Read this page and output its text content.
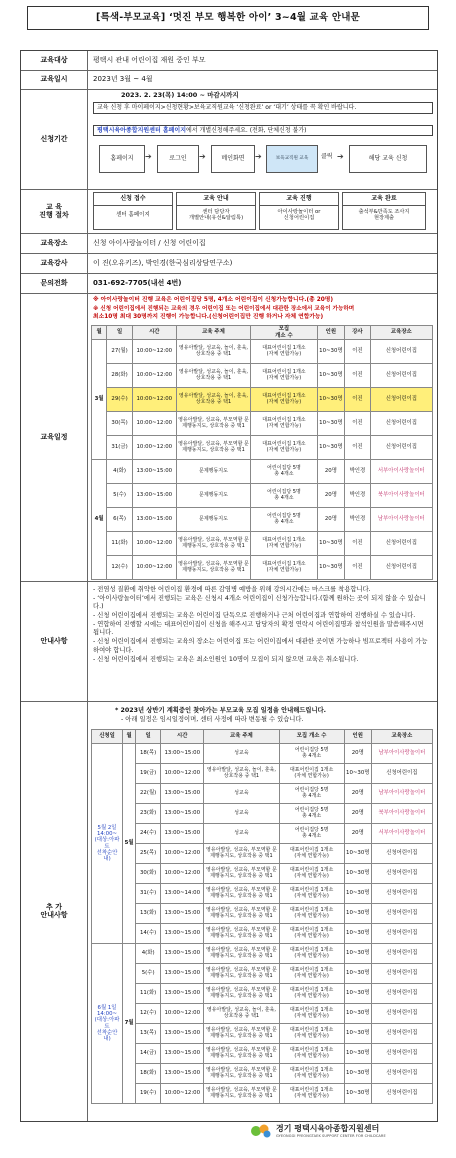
[특색-부모교육] ‘멋진 부모 행복한 아이’ 3~4월 교육 안내문
교육대상	평택시 관내 어린이집 재원 중인 부모
교육일시	2023년 3월 ~ 4월
신청기간
2023. 2. 23(목) 14:00 ~ 마감시까지
교육 신청 후 마이페이지>신청현황>보육교직원교육 ‘신청완료’ or ‘대기’ 상태를 꼭 확인 바랍니다.
평택시육아종합지원센터 홈페이지에서 개별신청해주세요. (전화, 단체신청 불가)
홈페이지	➔	로그인	➔	메인화면	➔	보육교직원 교육	클릭 ➔	해당 교육 신청
교 육
진행 절차
신청 접수
센터 홈페이지
교육 안내
센터 담당자
개별안내(유선&알림톡)
교육 진행
아이사랑놀이터 or
신청어린이집
교육 완료
출석부&만족도 조사지
현장제출
교육장소	신청 아이사랑놀이터 / 신청 어린이집
교육강사	이 진(오유키즈), 박인경(한국심리상담연구소)
문의전화	031-692-7705(내선 4번)
교육일정
※ 아이사랑놀이터 진행 교육은 어린이집당 5명, 4개소 어린이집이 신청가능합니다.(총 20명)
※ 신청 어린이집에서 진행되는 교육의 경우 어린이집 또는 어린이집에서 대관한 장소에서 교육이 가능하며
최소10명 최대 30명까지 진행이 가능합니다.(신청어린이집만 진행 하거나 자체 연합가능)
월	일	시간	교육 주제	모집
개소 수	인원	강사	교육장소
3월	27(월)	10:00~12:00	영유아발달, 성교육, 놀이, 훈육, 상호작용 중 택1	대표어린이집 1개소
(자체 연합가능)	10~30명	이진	신청어린이집
	28(화)	10:00~12:00	영유아발달, 성교육, 놀이, 훈육, 상호작용 중 택1	대표어린이집 1개소
(자체 연합가능)	10~30명	이진	신청어린이집
	29(수)	10:00~12:00	영유아발달, 성교육, 놀이, 훈육, 상호작용 중 택1	대표어린이집 1개소
(자체 연합가능)	10~30명	이진	신청어린이집
	30(목)	10:00~12:00	영유아발달, 성교육, 부모역할 문제행동지도, 상호작용 중 택1	대표어린이집 1개소
(자체 연합가능)	10~30명	이진	신청어린이집
	31(금)	10:00~12:00	영유아발달, 성교육, 부모역할 문제행동지도, 상호작용 중 택1	대표어린이집 1개소
(자체 연합가능)	10~30명	이진	신청어린이집
4월	4(화)	13:00~15:00	문제행동지도	어린이집당 5명
총 4개소	20명	박인경	서부아이사랑놀이터
	5(수)	13:00~15:00	문제행동지도	어린이집당 5명
총 4개소	20명	박인경	북부아이사랑놀이터
	6(목)	13:00~15:00	문제행동지도	어린이집당 5명
총 4개소	20명	박인경	남부아이사랑놀이터
	11(화)	10:00~12:00	영유아발달, 성교육, 부모역할 문제행동지도, 상호작용 중 택1	대표어린이집 1개소
(자체 연합가능)	10~30명	이진	신청어린이집
	12(수)	10:00~12:00	영유아발달, 성교육, 부모역할 문제행동지도, 상호작용 중 택1	대표어린이집 1개소
(자체 연합가능)	10~30명	이진	신청어린이집
안내사항
- 전염성 질환에 취약한 어린이집 환경에 따른 감염병 예방을 위해 강의시간에는 마스크를 착용합니다.
- ‘아이사랑놀이터’에서 진행되는 교육은 신청시 4개소 어린이집이 신청가능합니다.(함께 원하는 곳이 되지 않을 수 있습니다.)
- 신청 어린이집에서 진행되는 교육은 어린이집 단독으로 진행하거나 근처 어린이집과 연합하여 진행하실 수 있습니다.
- 연합하여 진행할 시에는 대표어린이집이 신청을 해주시고 담당자의 확정 연락시 어린이집명과 참석인원을 말씀해주시면 됩니다.
- 신청 어린이집에서 진행되는 교육의 장소는 어린이집 또는 어린이집에서 대관한 곳이면 가능하나 빔프로젝터 사용이 가능하여야 합니다.
- 신청 어린이집에서 진행되는 교육은 최소인원인 10명이 모집이 되지 않으면 교육은 취소됩니다.
추 가
안내사항
* 2023년 상반기 계획중인 찾아가는 부모교육 모집 일정을 안내해드립니다.
- 아래 일정은 임시일정이며, 센터 사정에 따라 변동될 수 있습니다.
신청일	월	일	시간	교육 주제	모집 개소 수	인원	교육장소
5월 2일
14:00~
(대상:아파트
선착순안내)	5월	18(목)	13:00~15:00	성교육	어린이집당 5명
총 4개소	20명	남부아이사랑놀이터
		19(금)	10:00~12:00	영유아발달, 성교육, 놀이, 훈육, 상호작용 중 택1	대표어린이집 1개소
(자체 연합가능)	10~30명	신청어린이집
		22(월)	13:00~15:00	성교육	어린이집당 5명
총 4개소	20명	남부아이사랑놀이터
		23(화)	13:00~15:00	성교육	어린이집당 5명
총 4개소	20명	북부아이사랑놀이터
		24(수)	13:00~15:00	성교육	어린이집당 5명
총 4개소	20명	서부아이사랑놀이터
		25(목)	10:00~12:00	영유아발달, 성교육, 부모역할 문제행동지도, 상호작용 중 택1	대표어린이집 1개소
(자체 연합가능)	10~30명	신청어린이집
		30(화)	10:00~12:00	영유아발달, 성교육, 부모역할 문제행동지도, 상호작용 중 택1	대표어린이집 1개소
(자체 연합가능)	10~30명	신청어린이집
		31(수)	13:00~14:00	영유아발달, 성교육, 부모역할 문제행동지도, 상호작용 중 택1	대표어린이집 1개소
(자체 연합가능)	10~30명	신청어린이집
		13(화)	13:00~15:00	영유아발달, 성교육, 부모역할 문제행동지도, 상호작용 중 택1	대표어린이집 1개소
(자체 연합가능)	10~30명	신청어린이집
		14(수)	13:00~15:00	영유아발달, 성교육, 부모역할 문제행동지도, 상호작용 중 택1	대표어린이집 1개소
(자체 연합가능)	10~30명	신청어린이집
6월 1일
14:00~
(대상:아파트
선착순안내)	7월	4(화)	13:00~15:00	영유아발달, 성교육, 부모역할 문제행동지도, 상호작용 중 택1	대표어린이집 1개소
(자체 연합가능)	10~30명	신청어린이집
		5(수)	13:00~15:00	영유아발달, 성교육, 부모역할 문제행동지도, 상호작용 중 택1	대표어린이집 1개소
(자체 연합가능)	10~30명	신청어린이집
		11(화)	13:00~15:00	영유아발달, 성교육, 부모역할 문제행동지도, 상호작용 중 택1	대표어린이집 1개소
(자체 연합가능)	10~30명	신청어린이집
		12(수)	10:00~12:00	영유아발달, 성교육, 놀이, 훈육, 상호작용 중 택1	대표어린이집 1개소
(자체 연합가능)	10~30명	신청어린이집
		13(목)	13:00~15:00	영유아발달, 성교육, 부모역할 문제행동지도, 상호작용 중 택1	대표어린이집 1개소
(자체 연합가능)	10~30명	신청어린이집
		14(금)	13:00~15:00	영유아발달, 성교육, 부모역할 문제행동지도, 상호작용 중 택1	대표어린이집 1개소
(자체 연합가능)	10~30명	신청어린이집
		18(화)	13:00~15:00	영유아발달, 성교육, 부모역할 문제행동지도, 상호작용 중 택1	대표어린이집 1개소
(자체 연합가능)	10~30명	신청어린이집
		19(수)	10:00~12:00	영유아발달, 성교육, 부모역할 문제행동지도, 상호작용 중 택1	대표어린이집 1개소
(자체 연합가능)	10~30명	신청어린이집
경기 평택시육아종합지원센터
GYEONGGI PYEONGTAEK SUPPORT CENTER FOR CHILDCARE
